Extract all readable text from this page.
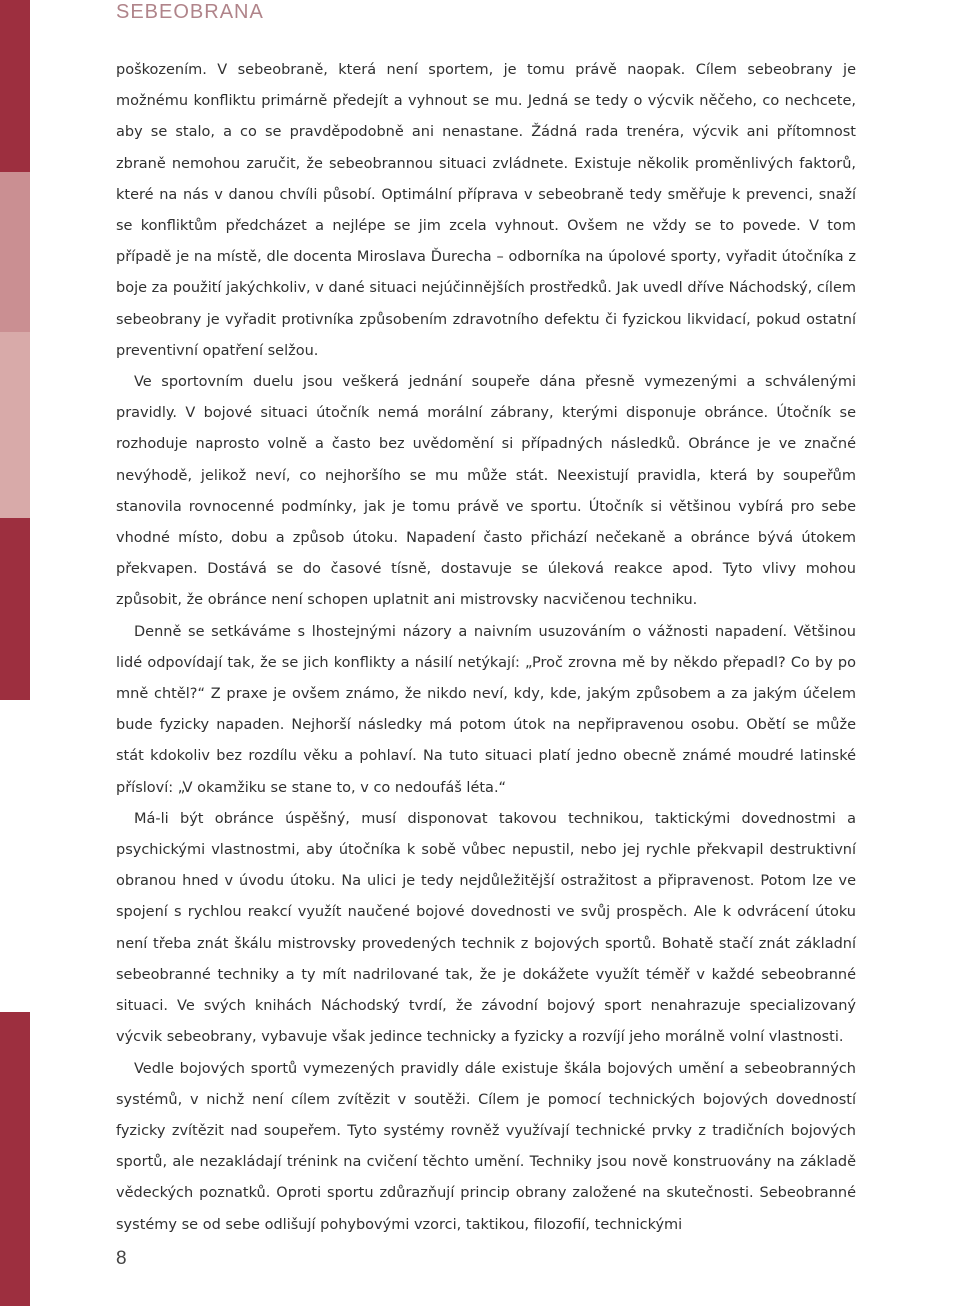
SEBEOBRANA

poškozením. V sebeobraně, která není sportem, je tomu právě naopak. Cílem sebeobrany je možnému konfliktu primárně předejít a vyhnout se mu. Jedná se tedy o výcvik něčeho, co nechcete, aby se stalo, a co se pravděpodobně ani nenastane. Žádná rada trenéra, výcvik ani přítomnost zbraně nemohou zaručit, že sebeobrannou situaci zvládnete. Existuje několik proměnlivých faktorů, které na nás v danou chvíli působí. Optimální příprava v sebeobraně tedy směřuje k prevenci, snaží se konfliktům předcházet a nejlépe se jim zcela vyhnout. Ovšem ne vždy se to povede. V tom případě je na místě, dle docenta Miroslava Ďurecha – odborníka na úpolové sporty, vyřadit útočníka z boje za použití jakýchkoliv, v dané situaci nejúčinnějších prostředků. Jak uvedl dříve Náchodský, cílem sebeobrany je vyřadit protivníka způsobením zdravotního defektu či fyzickou likvidací, pokud ostatní preventivní opatření selžou.

Ve sportovním duelu jsou veškerá jednání soupeře dána přesně vymezenými a schválenými pravidly. V bojové situaci útočník nemá morální zábrany, kterými disponuje obránce. Útočník se rozhoduje naprosto volně a často bez uvědomění si případných následků. Obránce je ve značné nevýhodě, jelikož neví, co nejhoršího se mu může stát. Neexistují pravidla, která by soupeřům stanovila rovnocenné podmínky, jak je tomu právě ve sportu. Útočník si většinou vybírá pro sebe vhodné místo, dobu a způsob útoku. Napadení často přichází nečekaně a obránce bývá útokem překvapen. Dostává se do časové tísně, dostavuje se úleková reakce apod. Tyto vlivy mohou způsobit, že obránce není schopen uplatnit ani mistrovsky nacvičenou techniku.

Denně se setkáváme s lhostejnými názory a naivním usuzováním o vážnosti napadení. Většinou lidé odpovídají tak, že se jich konflikty a násilí netýkají: „Proč zrovna mě by někdo přepadl? Co by po mně chtěl?“ Z praxe je ovšem známo, že nikdo neví, kdy, kde, jakým způsobem a za jakým účelem bude fyzicky napaden. Nejhorší následky má potom útok na nepřipravenou osobu. Obětí se může stát kdokoliv bez rozdílu věku a pohlaví. Na tuto situaci platí jedno obecně známé moudré latinské přísloví: „V okamžiku se stane to, v co nedoufáš léta.“

Má-li být obránce úspěšný, musí disponovat takovou technikou, taktickými dovednostmi a psychickými vlastnostmi, aby útočníka k sobě vůbec nepustil, nebo jej rychle překvapil destruktivní obranou hned v úvodu útoku. Na ulici je tedy nejdůležitější ostražitost a připravenost. Potom lze ve spojení s rychlou reakcí využít naučené bojové dovednosti ve svůj prospěch. Ale k odvrácení útoku není třeba znát škálu mistrovsky provedených technik z bojových sportů. Bohatě stačí znát základní sebeobranné techniky a ty mít nadrilované tak, že je dokážete využít téměř v každé sebeobranné situaci. Ve svých knihách Náchodský tvrdí, že závodní bojový sport nenahrazuje specializovaný výcvik sebeobrany, vybavuje však jedince technicky a fyzicky a rozvíjí jeho morálně volní vlastnosti.

Vedle bojových sportů vymezených pravidly dále existuje škála bojových umění a sebeobranných systémů, v nichž není cílem zvítězit v soutěži. Cílem je pomocí technických bojových dovedností fyzicky zvítězit nad soupeřem. Tyto systémy rovněž využívají technické prvky z tradičních bojových sportů, ale nezakládají trénink na cvičení těchto umění. Techniky jsou nově konstruovány na základě vědeckých poznatků. Oproti sportu zdůrazňují princip obrany založené na skutečnosti. Sebeobranné systémy se od sebe odlišují pohybovými vzorci, taktikou, filozofií, technickými

8
